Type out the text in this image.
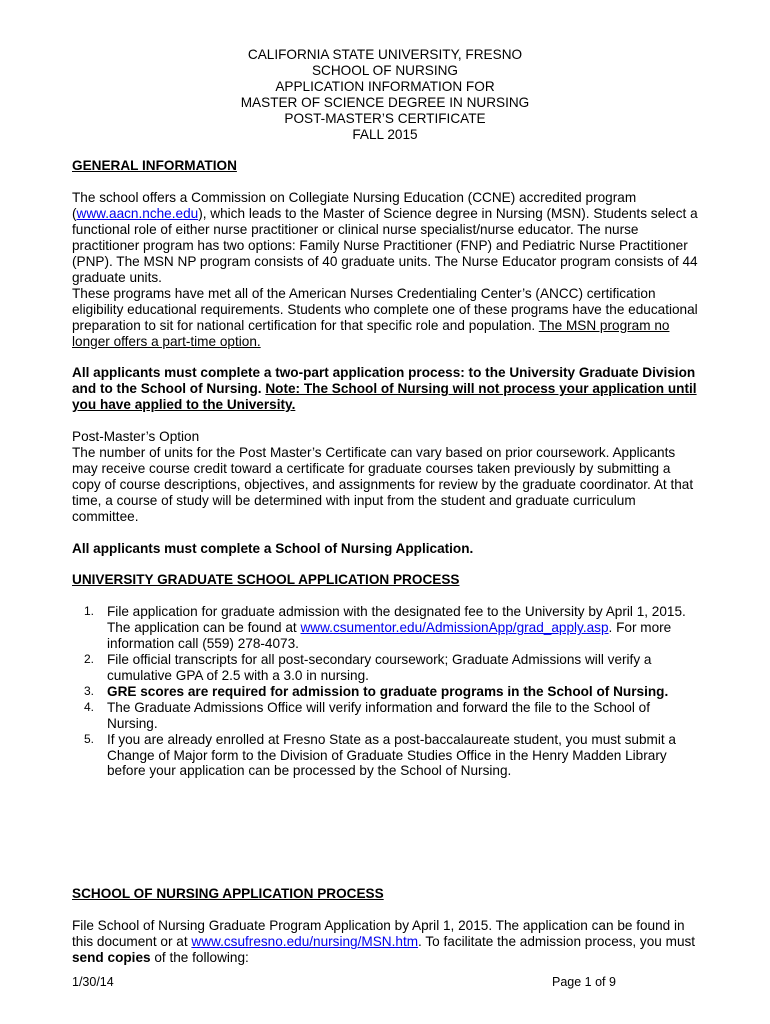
CALIFORNIA STATE UNIVERSITY, FRESNO
SCHOOL OF NURSING
APPLICATION INFORMATION FOR
MASTER OF SCIENCE DEGREE IN NURSING
POST-MASTER’S CERTIFICATE
FALL 2015

GENERAL INFORMATION

The school offers a Commission on Collegiate Nursing Education (CCNE) accredited program (www.aacn.nche.edu), which leads to the Master of Science degree in Nursing (MSN). Students select a functional role of either nurse practitioner or clinical nurse specialist/nurse educator. The nurse practitioner program has two options: Family Nurse Practitioner (FNP) and Pediatric Nurse Practitioner (PNP). The MSN NP program consists of 40 graduate units. The Nurse Educator program consists of 44 graduate units.

These programs have met all of the American Nurses Credentialing Center’s (ANCC) certification eligibility educational requirements. Students who complete one of these programs have the educational preparation to sit for national certification for that specific role and population. The MSN program no longer offers a part-time option.

All applicants must complete a two-part application process: to the University Graduate Division and to the School of Nursing. Note: The School of Nursing will not process your application until you have applied to the University.

Post-Master’s Option

The number of units for the Post Master’s Certificate can vary based on prior coursework. Applicants may receive course credit toward a certificate for graduate courses taken previously by submitting a copy of course descriptions, objectives, and assignments for review by the graduate coordinator. At that time, a course of study will be determined with input from the student and graduate curriculum committee.

All applicants must complete a School of Nursing Application.

UNIVERSITY GRADUATE SCHOOL APPLICATION PROCESS

1. File application for graduate admission with the designated fee to the University by April 1, 2015. The application can be found at www.csumentor.edu/AdmissionApp/grad_apply.asp. For more information call (559) 278-4073.
2. File official transcripts for all post-secondary coursework; Graduate Admissions will verify a cumulative GPA of 2.5 with a 3.0 in nursing.
3. GRE scores are required for admission to graduate programs in the School of Nursing.
4. The Graduate Admissions Office will verify information and forward the file to the School of Nursing.
5. If you are already enrolled at Fresno State as a post-baccalaureate student, you must submit a Change of Major form to the Division of Graduate Studies Office in the Henry Madden Library before your application can be processed by the School of Nursing.

SCHOOL OF NURSING APPLICATION PROCESS

File School of Nursing Graduate Program Application by April 1, 2015. The application can be found in this document or at www.csufresno.edu/nursing/MSN.htm. To facilitate the admission process, you must send copies of the following:

1/30/14	Page 1 of 9
